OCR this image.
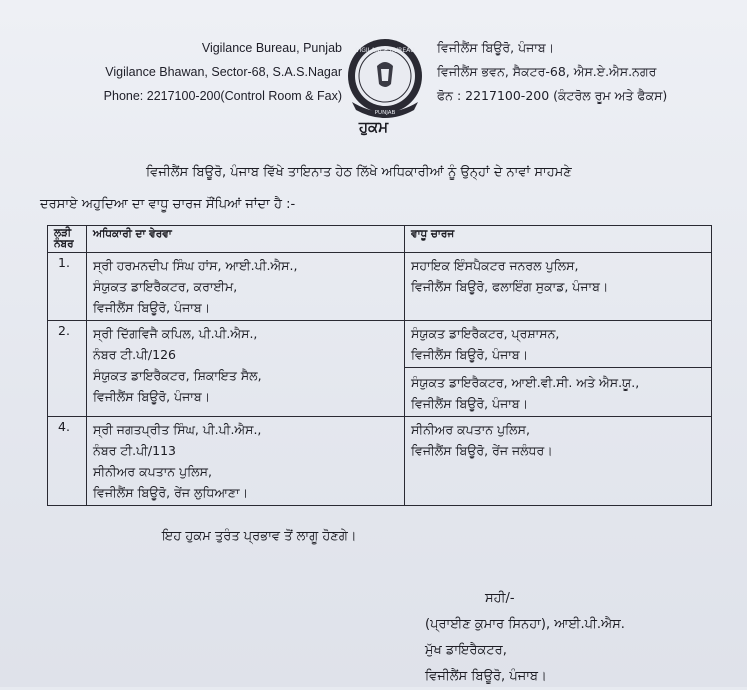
Vigilance Bureau, Punjab
Vigilance Bhawan, Sector-68, S.A.S.Nagar
Phone: 2217100-200(Control Room & Fax)
VIGILANCE BUREAU
PUNJAB
ਵਿਜੀਲੈਂਸ ਬਿਊਰੋ, ਪੰਜਾਬ।
ਵਿਜੀਲੈਂਸ ਭਵਨ, ਸੈਕਟਰ-68, ਐਸ.ਏ.ਐਸ.ਨਗਰ
ਫੋਨ : 2217100-200 (ਕੰਟਰੋਲ ਰੂਮ ਅਤੇ ਫੈਕਸ)
ਹੁਕਮ
ਵਿਜੀਲੈਂਸ ਬਿਊਰੋ, ਪੰਜਾਬ ਵਿੱਖੇ ਤਾਇਨਾਤ ਹੇਠ ਲਿੱਖੇ ਅਧਿਕਾਰੀਆਂ ਨੂੰ ਉਨ੍ਹਾਂ ਦੇ ਨਾਵਾਂ ਸਾਹਮਣੇ
ਦਰਸਾਏ ਅਹੁਦਿਆ ਦਾ ਵਾਧੂ ਚਾਰਜ ਸੌਂਪਿਆਂ ਜਾਂਦਾ ਹੈ :-
ਲੜੀ
ਨੰਬਰ	ਅਧਿਕਾਰੀ ਦਾ ਵੇਰਵਾ	ਵਾਧੂ ਚਾਰਜ
1.	ਸ੍ਰੀ ਹਰਮਨਦੀਪ ਸਿੰਘ ਹਾਂਸ, ਆਈ.ਪੀ.ਐਸ.,
ਸੰਯੁਕਤ ਡਾਇਰੈਕਟਰ, ਕਰਾਈਮ,
ਵਿਜੀਲੈਂਸ ਬਿਊਰੋ, ਪੰਜਾਬ।	ਸਹਾਇਕ ਇੰਸਪੈਕਟਰ ਜਨਰਲ ਪੁਲਿਸ,
ਵਿਜੀਲੈਂਸ ਬਿਊਰੋ, ਫਲਾਇੰਗ ਸੁਕਾਡ, ਪੰਜਾਬ।

2.	ਸ੍ਰੀ ਦਿੱਗਵਿਜੈ ਕਪਿਲ, ਪੀ.ਪੀ.ਐਸ.,
ਨੰਬਰ ਟੀ.ਪੀ/126
ਸੰਯੁਕਤ ਡਾਇਰੈਕਟਰ, ਸ਼ਿਕਾਇਤ ਸੈਲ,
ਵਿਜੀਲੈਂਸ ਬਿਊਰੋ, ਪੰਜਾਬ।	ਸੰਯੁਕਤ ਡਾਇਰੈਕਟਰ, ਪ੍ਰਸ਼ਾਸਨ,
ਵਿਜੀਲੈਂਸ ਬਿਊਰੋ, ਪੰਜਾਬ।
ਸੰਯੁਕਤ ਡਾਇਰੈਕਟਰ, ਆਈ.ਵੀ.ਸੀ. ਅਤੇ ਐਸ.ਯੂ.,
ਵਿਜੀਲੈਂਸ ਬਿਊਰੋ, ਪੰਜਾਬ।

4.	ਸ੍ਰੀ ਜਗਤਪ੍ਰੀਤ ਸਿੰਘ, ਪੀ.ਪੀ.ਐਸ.,
ਨੰਬਰ ਟੀ.ਪੀ/113
ਸੀਨੀਅਰ ਕਪਤਾਨ ਪੁਲਿਸ,
ਵਿਜੀਲੈਂਸ ਬਿਊਰੋ, ਰੇਂਜ ਲੁਧਿਆਣਾ।	ਸੀਨੀਅਰ ਕਪਤਾਨ ਪੁਲਿਸ,
ਵਿਜੀਲੈਂਸ ਬਿਊਰੋ, ਰੇਂਜ ਜਲੰਧਰ।
ਇਹ ਹੁਕਮ ਤੁਰੰਤ ਪ੍ਰਭਾਵ ਤੋਂ ਲਾਗੂ ਹੋਣਗੇ।
ਸਹੀ/-
(ਪ੍ਰਾਈਣ ਕੁਮਾਰ ਸਿਨਹਾ), ਆਈ.ਪੀ.ਐਸ.
ਮੁੱਖ ਡਾਇਰੈਕਟਰ,
ਵਿਜੀਲੈਂਸ ਬਿਊਰੋ, ਪੰਜਾਬ।
